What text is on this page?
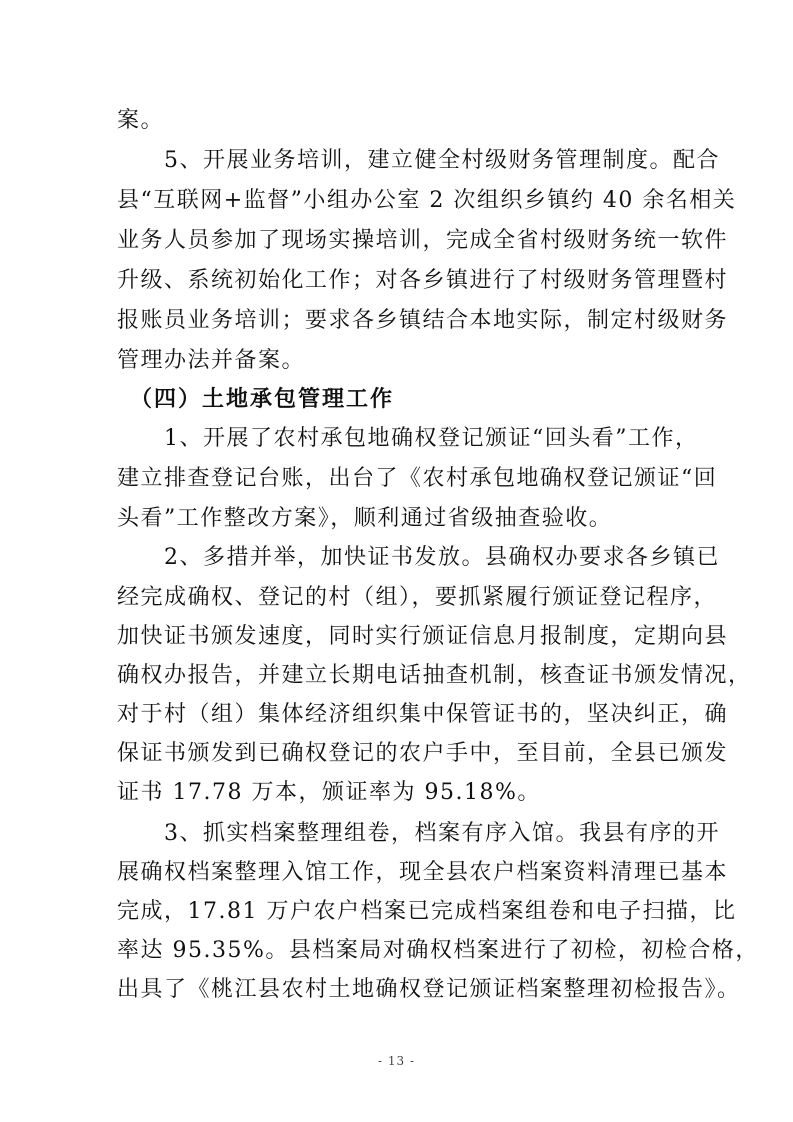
案。
　　5、开展业务培训，建立健全村级财务管理制度。配合
县“互联网+监督”小组办公室 2 次组织乡镇约 40 余名相关
业务人员参加了现场实操培训，完成全省村级财务统一软件
升级、系统初始化工作；对各乡镇进行了村级财务管理暨村
报账员业务培训；要求各乡镇结合本地实际，制定村级财务
管理办法并备案。
　（四）土地承包管理工作
　　1、开展了农村承包地确权登记颁证“回头看”工作，
建立排查登记台账，出台了《农村承包地确权登记颁证“回
头看”工作整改方案》，顺利通过省级抽查验收。
　　2、多措并举，加快证书发放。县确权办要求各乡镇已
经完成确权、登记的村（组），要抓紧履行颁证登记程序，
加快证书颁发速度，同时实行颁证信息月报制度，定期向县
确权办报告，并建立长期电话抽查机制，核查证书颁发情况，
对于村（组）集体经济组织集中保管证书的，坚决纠正，确
保证书颁发到已确权登记的农户手中，至目前，全县已颁发
证书 17.78 万本，颁证率为 95.18%。
　　3、抓实档案整理组卷，档案有序入馆。我县有序的开
展确权档案整理入馆工作，现全县农户档案资料清理已基本
完成，17.81 万户农户档案已完成档案组卷和电子扫描，比
率达 95.35%。县档案局对确权档案进行了初检，初检合格，
出具了《桃江县农村土地确权登记颁证档案整理初检报告》。
- 13 -
